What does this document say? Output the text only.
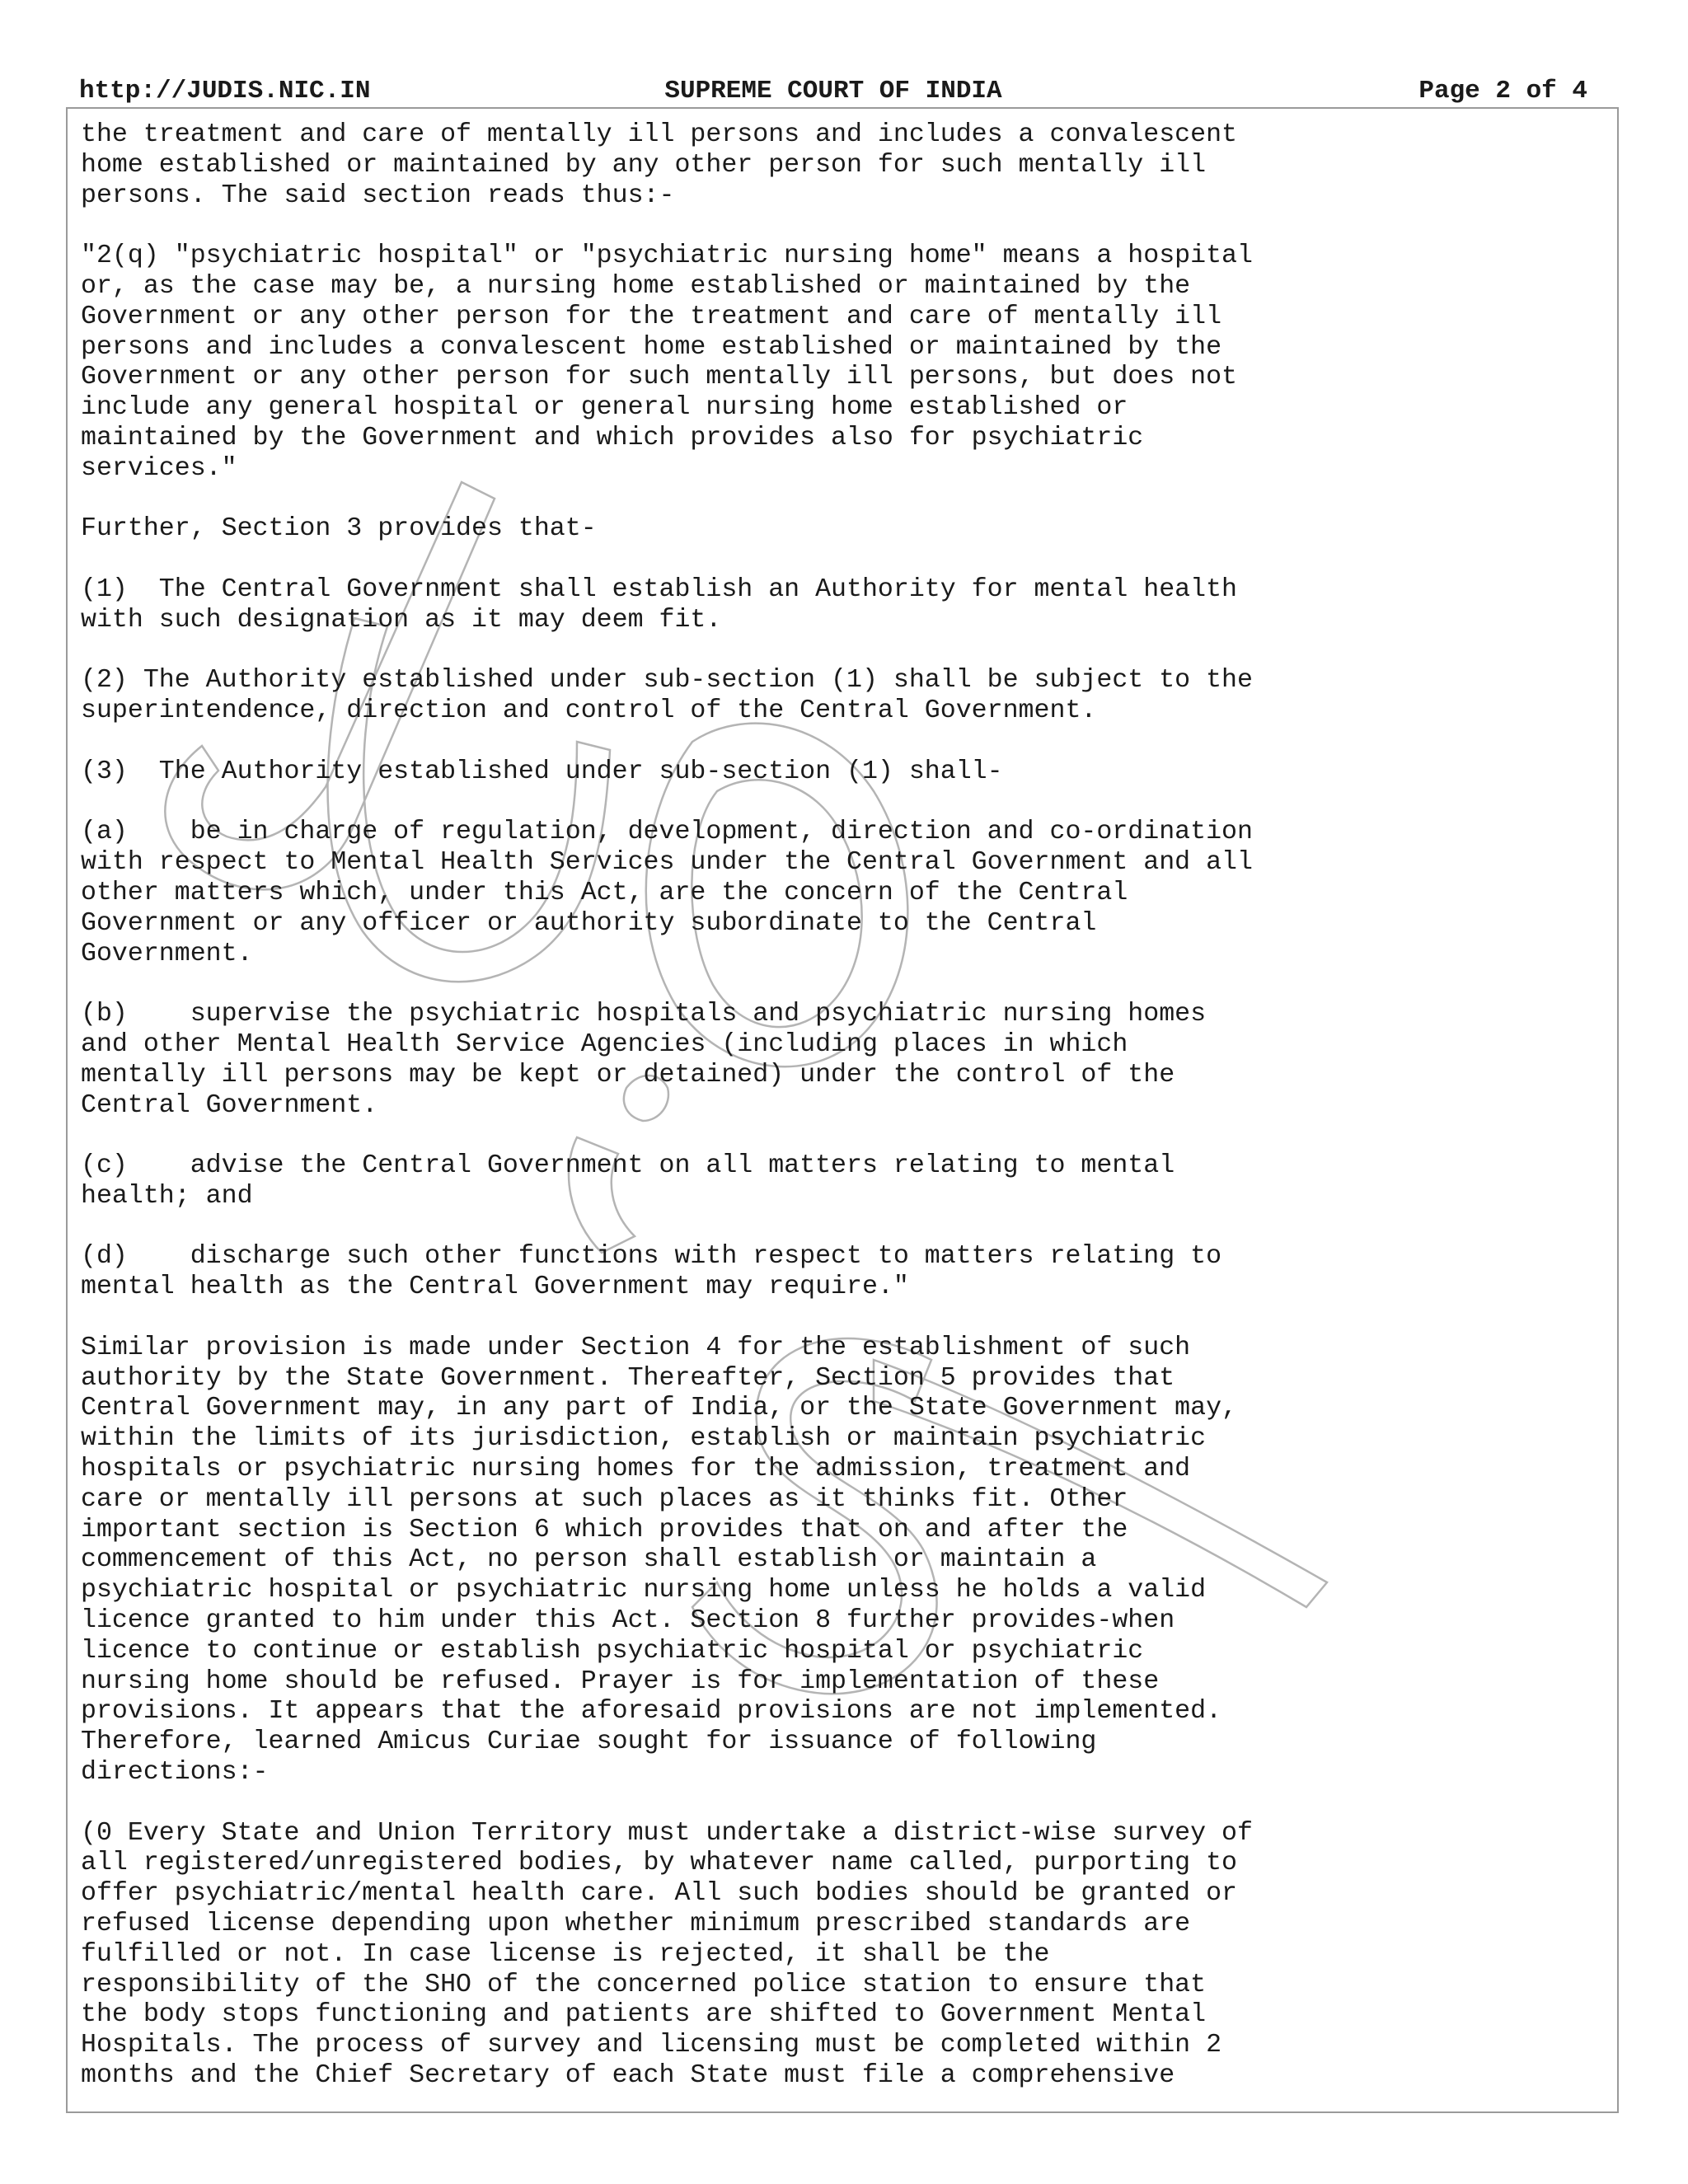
http://JUDIS.NIC.IN	SUPREME COURT OF INDIA	Page 2 of 4
the treatment and care of mentally ill persons and includes a convalescent
home established or maintained by any other person for such mentally ill
persons. The said section reads thus:-
"2(q) "psychiatric hospital" or "psychiatric nursing home" means a hospital
or, as the case may be, a nursing home established or maintained by the
Government or any other person for the treatment and care of mentally ill
persons and includes a convalescent home established or maintained by the
Government or any other person for such mentally ill persons, but does not
include any general hospital or general nursing home established or
maintained by the Government and which provides also for psychiatric
services."
Further, Section 3 provides that-
(1)  The Central Government shall establish an Authority for mental health
with such designation as it may deem fit.
(2) The Authority established under sub-section (1) shall be subject to the
superintendence, direction and control of the Central Government.
(3)  The Authority established under sub-section (1) shall-
(a)    be in charge of regulation, development, direction and co-ordination
with respect to Mental Health Services under the Central Government and all
other matters which, under this Act, are the concern of the Central
Government or any officer or authority subordinate to the Central
Government.
(b)    supervise the psychiatric hospitals and psychiatric nursing homes
and other Mental Health Service Agencies (including places in which
mentally ill persons may be kept or detained) under the control of the
Central Government.
(c)    advise the Central Government on all matters relating to mental
health; and
(d)    discharge such other functions with respect to matters relating to
mental health as the Central Government may require."
Similar provision is made under Section 4 for the establishment of such
authority by the State Government. Thereafter, Section 5 provides that
Central Government may, in any part of India, or the State Government may,
within the limits of its jurisdiction, establish or maintain psychiatric
hospitals or psychiatric nursing homes for the admission, treatment and
care or mentally ill persons at such places as it thinks fit. Other
important section is Section 6 which provides that on and after the
commencement of this Act, no person shall establish or maintain a
psychiatric hospital or psychiatric nursing home unless he holds a valid
licence granted to him under this Act. Section 8 further provides-when
licence to continue or establish psychiatric hospital or psychiatric
nursing home should be refused. Prayer is for implementation of these
provisions. It appears that the aforesaid provisions are not implemented.
Therefore, learned Amicus Curiae sought for issuance of following
directions:-
(0 Every State and Union Territory must undertake a district-wise survey of
all registered/unregistered bodies, by whatever name called, purporting to
offer psychiatric/mental health care. All such bodies should be granted or
refused license depending upon whether minimum prescribed standards are
fulfilled or not. In case license is rejected, it shall be the
responsibility of the SHO of the concerned police station to ensure that
the body stops functioning and patients are shifted to Government Mental
Hospitals. The process of survey and licensing must be completed within 2
months and the Chief Secretary of each State must file a comprehensive
